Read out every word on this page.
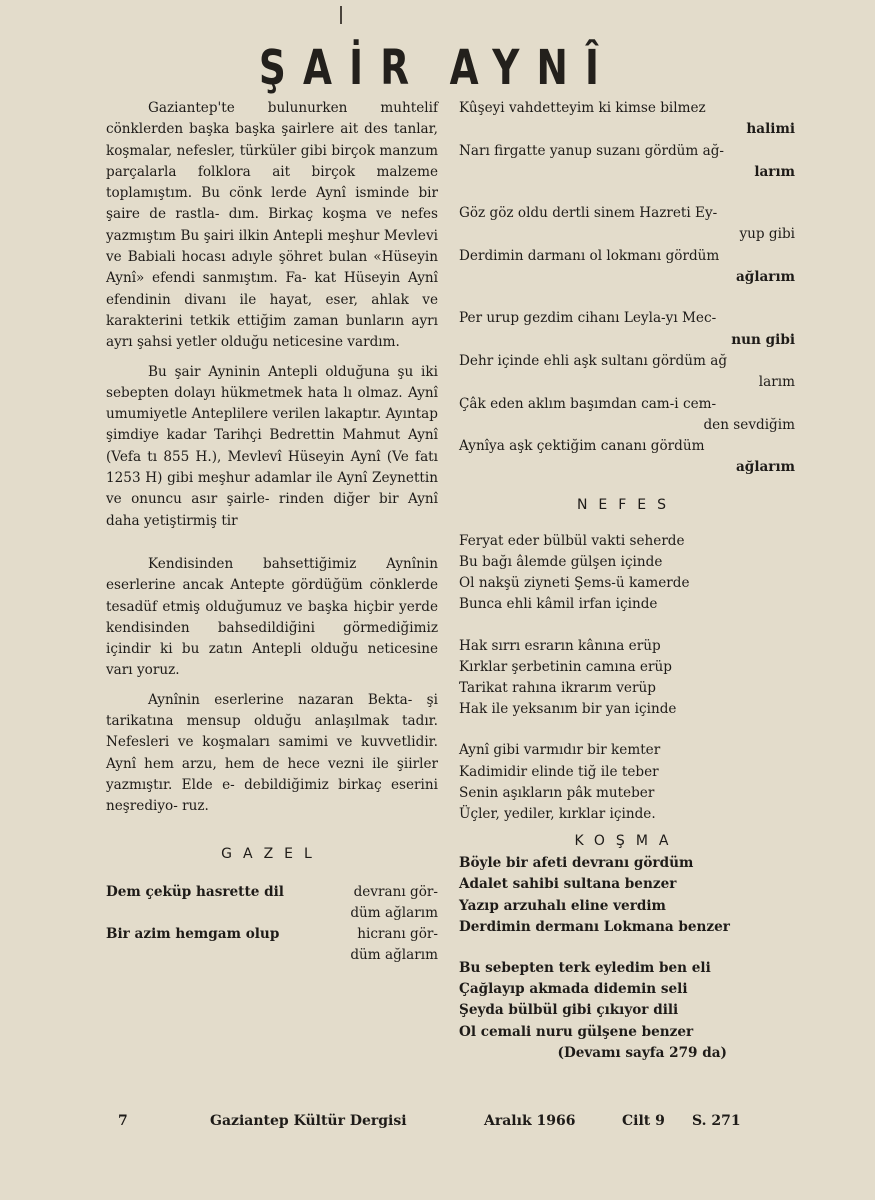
ŞAİR AYNÎ

Gaziantep'te bulunurken muhtelif cönklerden başka başka şairlere ait des tanlar, koşmalar, nefesler, türküler gibi birçok manzum parçalarla folklora ait birçok malzeme toplamıştım. Bu cönk lerde Aynî isminde bir şaire de rastla- dım. Birkaç koşma ve nefes yazmıştım Bu şairi ilkin Antepli meşhur Mevlevi ve Babiali hocası adıyle şöhret bulan «Hüseyin Aynî» efendi sanmıştım. Fa- kat Hüseyin Aynî efendinin divanı ile hayat, eser, ahlak ve karakterini tetkik ettiğim zaman bunların ayrı ayrı şahsi yetler olduğu neticesine vardım.

Bu şair Ayninin Antepli olduğuna şu iki sebepten dolayı hükmetmek hata lı olmaz. Aynî umumiyetle Anteplilere verilen lakaptır. Ayıntap şimdiye kadar Tarihçi Bedrettin Mahmut Aynî (Vefa tı 855 H.), Mevlevî Hüseyin Aynî (Ve fatı 1253 H) gibi meşhur adamlar ile Aynî Zeynettin ve onuncu asır şairle- rinden diğer bir Aynî daha yetiştirmiş tir

Kendisinden bahsettiğimiz Aynînin eserlerine ancak Antepte gördüğüm cönklerde tesadüf etmiş olduğumuz ve başka hiçbir yerde kendisinden bahsedildiğini görmediğimiz içindir ki bu zatın Antepli olduğu neticesine varı yoruz.

Aynînin eserlerine nazaran Bekta- şi tarikatına mensup olduğu anlaşılmak tadır. Nefesleri ve koşmaları samimi ve kuvvetlidir. Aynî hem arzu, hem de hece vezni ile şiirler yazmıştır. Elde e- debildiğimiz birkaç eserini neşrediyo- ruz.

GAZEL

Dem çeküp hasrette dil	devranı gör-
düm ağlarım
Bir azim hemgam olup	hicranı gör-
düm ağlarım
Kûşeyi vahdetteyim ki kimse bilmez
halimi
Narı firgatte yanup suzanı gördüm ağ-
larım
Göz göz oldu dertli sinem Hazreti Ey-
yup gibi
Derdimin darmanı ol lokmanı gördüm
ağlarım
Per urup gezdim cihanı Leyla-yı Mec-
nun gibi
Dehr içinde ehli aşk sultanı gördüm ağ
larım
Çâk eden aklım başımdan cam-i cem-
den sevdiğim
Aynîya aşk çektiğim cananı gördüm
ağlarım

NEFES

Feryat eder bülbül vakti seherde
Bu bağı âlemde gülşen içinde
Ol nakşü ziyneti Şems-ü kamerde
Bunca ehli kâmil irfan içinde
Hak sırrı esrarın kânına erüp
Kırklar şerbetinin camına erüp
Tarikat rahına ikrarım verüp
Hak ile yeksanım bir yan içinde
Aynî gibi varmıdır bir kemter
Kadimidir elinde tiğ ile teber
Senin aşıkların pâk muteber
Üçler, yediler, kırklar içinde.

KOŞMA

Böyle bir afeti devranı gördüm
Adalet sahibi sultana benzer
Yazıp arzuhalı eline verdim
Derdimin dermanı Lokmana benzer
Bu sebepten terk eyledim ben eli
Çağlayıp akmada didemin seli
Şeyda bülbül gibi çıkıyor dili
Ol cemali nuru gülşene benzer
(Devamı sayfa 279 da)
7	Gaziantep Kültür Dergisi	Aralık 1966	Cilt 9 S. 271
